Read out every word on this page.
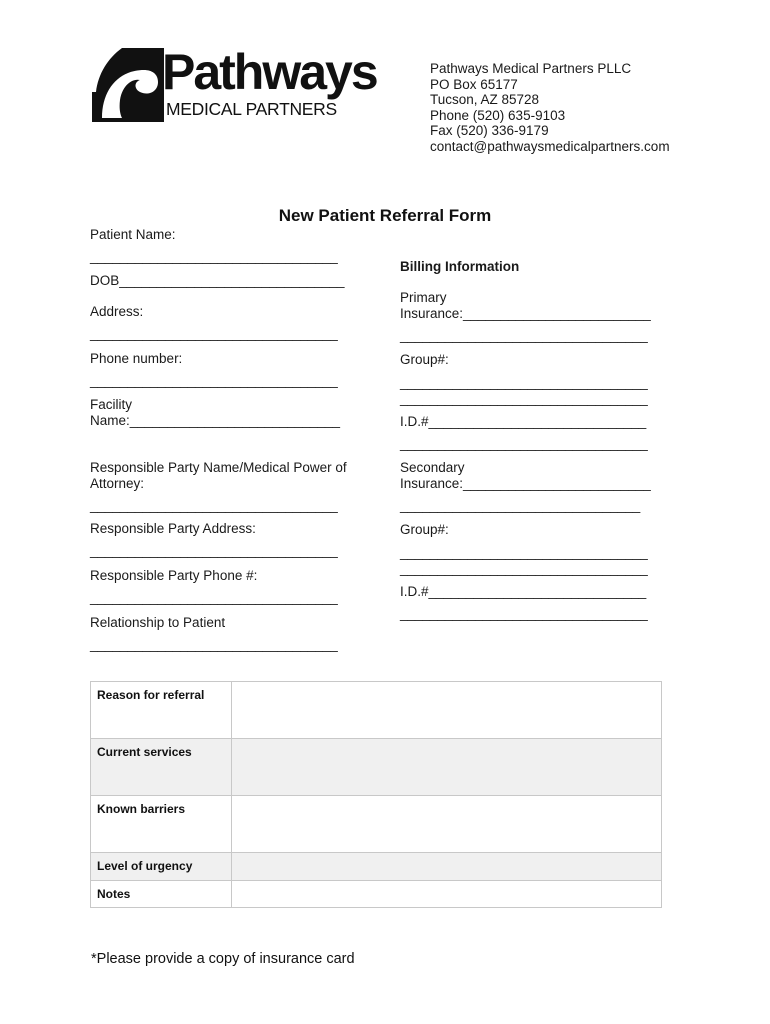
Pathways
MEDICAL PARTNERS
Pathways Medical Partners PLLC
PO Box 65177
Tucson, AZ 85728
Phone (520) 635-9103
Fax (520) 336-9179
contact@pathwaysmedicalpartners.com
New Patient Referral Form
Patient Name:
_________________________________
DOB______________________________
Address:
_________________________________
Phone number:
_________________________________
Facility
Name:____________________________
Responsible Party Name/Medical Power of
Attorney:
_________________________________
Responsible Party Address:
_________________________________
Responsible Party Phone #:
_________________________________
Relationship to Patient
_________________________________
Billing Information
Primary
Insurance:_________________________
_________________________________
Group#:
_________________________________
_________________________________
I.D.#_____________________________
_________________________________
Secondary
Insurance:_________________________
________________________________
Group#:
_________________________________
_________________________________
I.D.#_____________________________
_________________________________
Reason for referral	
Current services	
Known barriers	
Level of urgency	
Notes	
*Please provide a copy of insurance card
